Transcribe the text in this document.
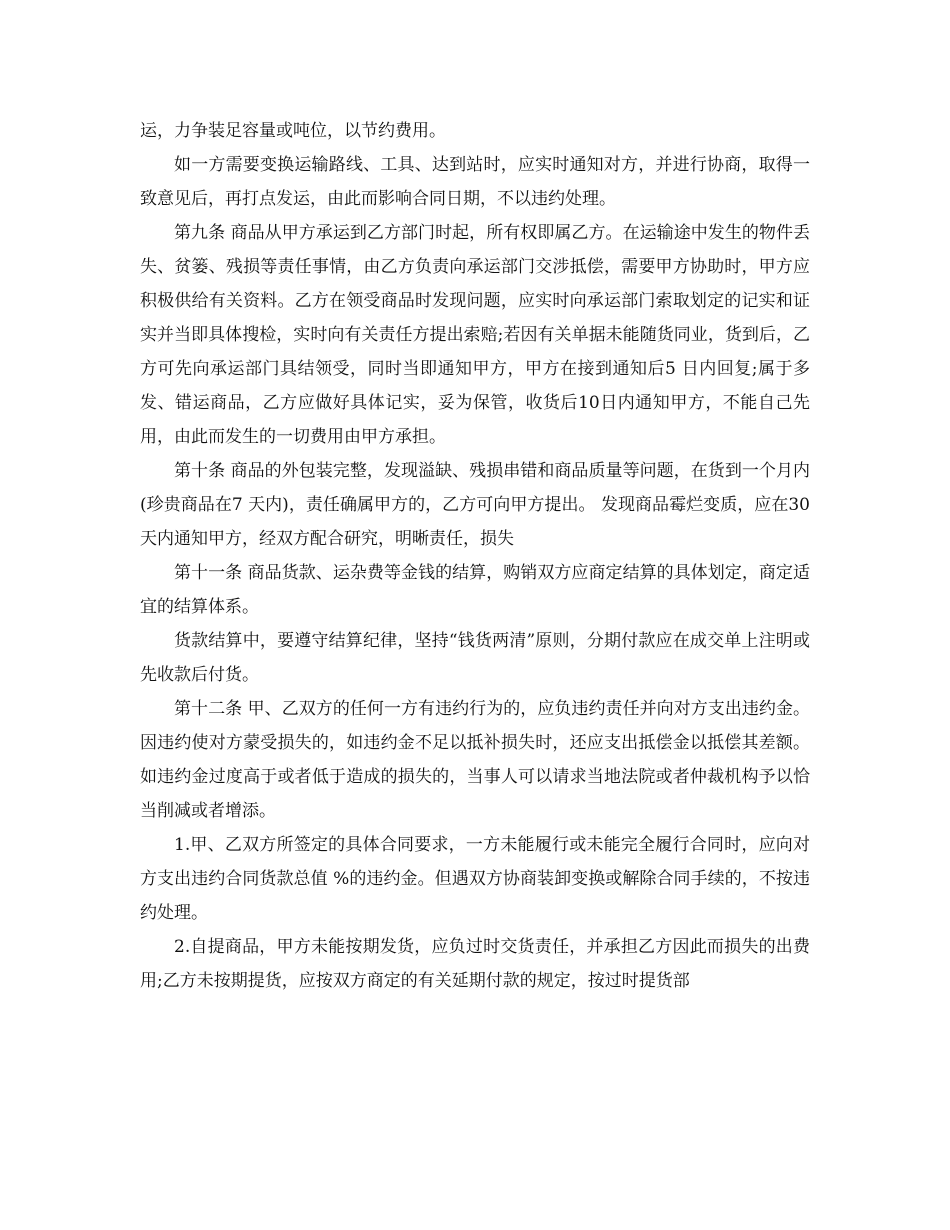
运，力争装足容量或吨位，以节约费用。

如一方需要变换运输路线、工具、达到站时，应实时通知对方，并进行协商，取得一致意见后，再打点发运，由此而影响合同日期，不以违约处理。

第九条 商品从甲方承运到乙方部门时起，所有权即属乙方。在运输途中发生的物件丢失、贫篓、残损等责任事情，由乙方负责向承运部门交涉抵偿，需要甲方协助时，甲方应积极供给有关资料。乙方在领受商品时发现问题，应实时向承运部门索取划定的记实和证实并当即具体搜检，实时向有关责任方提出索赔;若因有关单据未能随货同业，货到后，乙方可先向承运部门具结领受，同时当即通知甲方，甲方在接到通知后5 日内回复;属于多发、错运商品，乙方应做好具体记实，妥为保管，收货后10日内通知甲方，不能自己先用，由此而发生的一切费用由甲方承担。

第十条 商品的外包装完整，发现溢缺、残损串错和商品质量等问题，在货到一个月内(珍贵商品在7 天内)，责任确属甲方的，乙方可向甲方提出。 发现商品霉烂变质，应在30天内通知甲方，经双方配合研究，明晰责任，损失

第十一条 商品货款、运杂费等金钱的结算，购销双方应商定结算的具体划定，商定适宜的结算体系。

货款结算中，要遵守结算纪律，坚持“钱货两清”原则，分期付款应在成交单上注明或先收款后付货。

第十二条 甲、乙双方的任何一方有违约行为的，应负违约责任并向对方支出违约金。因违约使对方蒙受损失的，如违约金不足以抵补损失时，还应支出抵偿金以抵偿其差额。如违约金过度高于或者低于造成的损失的，当事人可以请求当地法院或者仲裁机构予以恰当削减或者增添。

1.甲、乙双方所签定的具体合同要求，一方未能履行或未能完全履行合同时，应向对方支出违约合同货款总值 %的违约金。但遇双方协商装卸变换或解除合同手续的，不按违约处理。

2.自提商品，甲方未能按期发货，应负过时交货责任，并承担乙方因此而损失的出费用;乙方未按期提货，应按双方商定的有关延期付款的规定，按过时提货部
